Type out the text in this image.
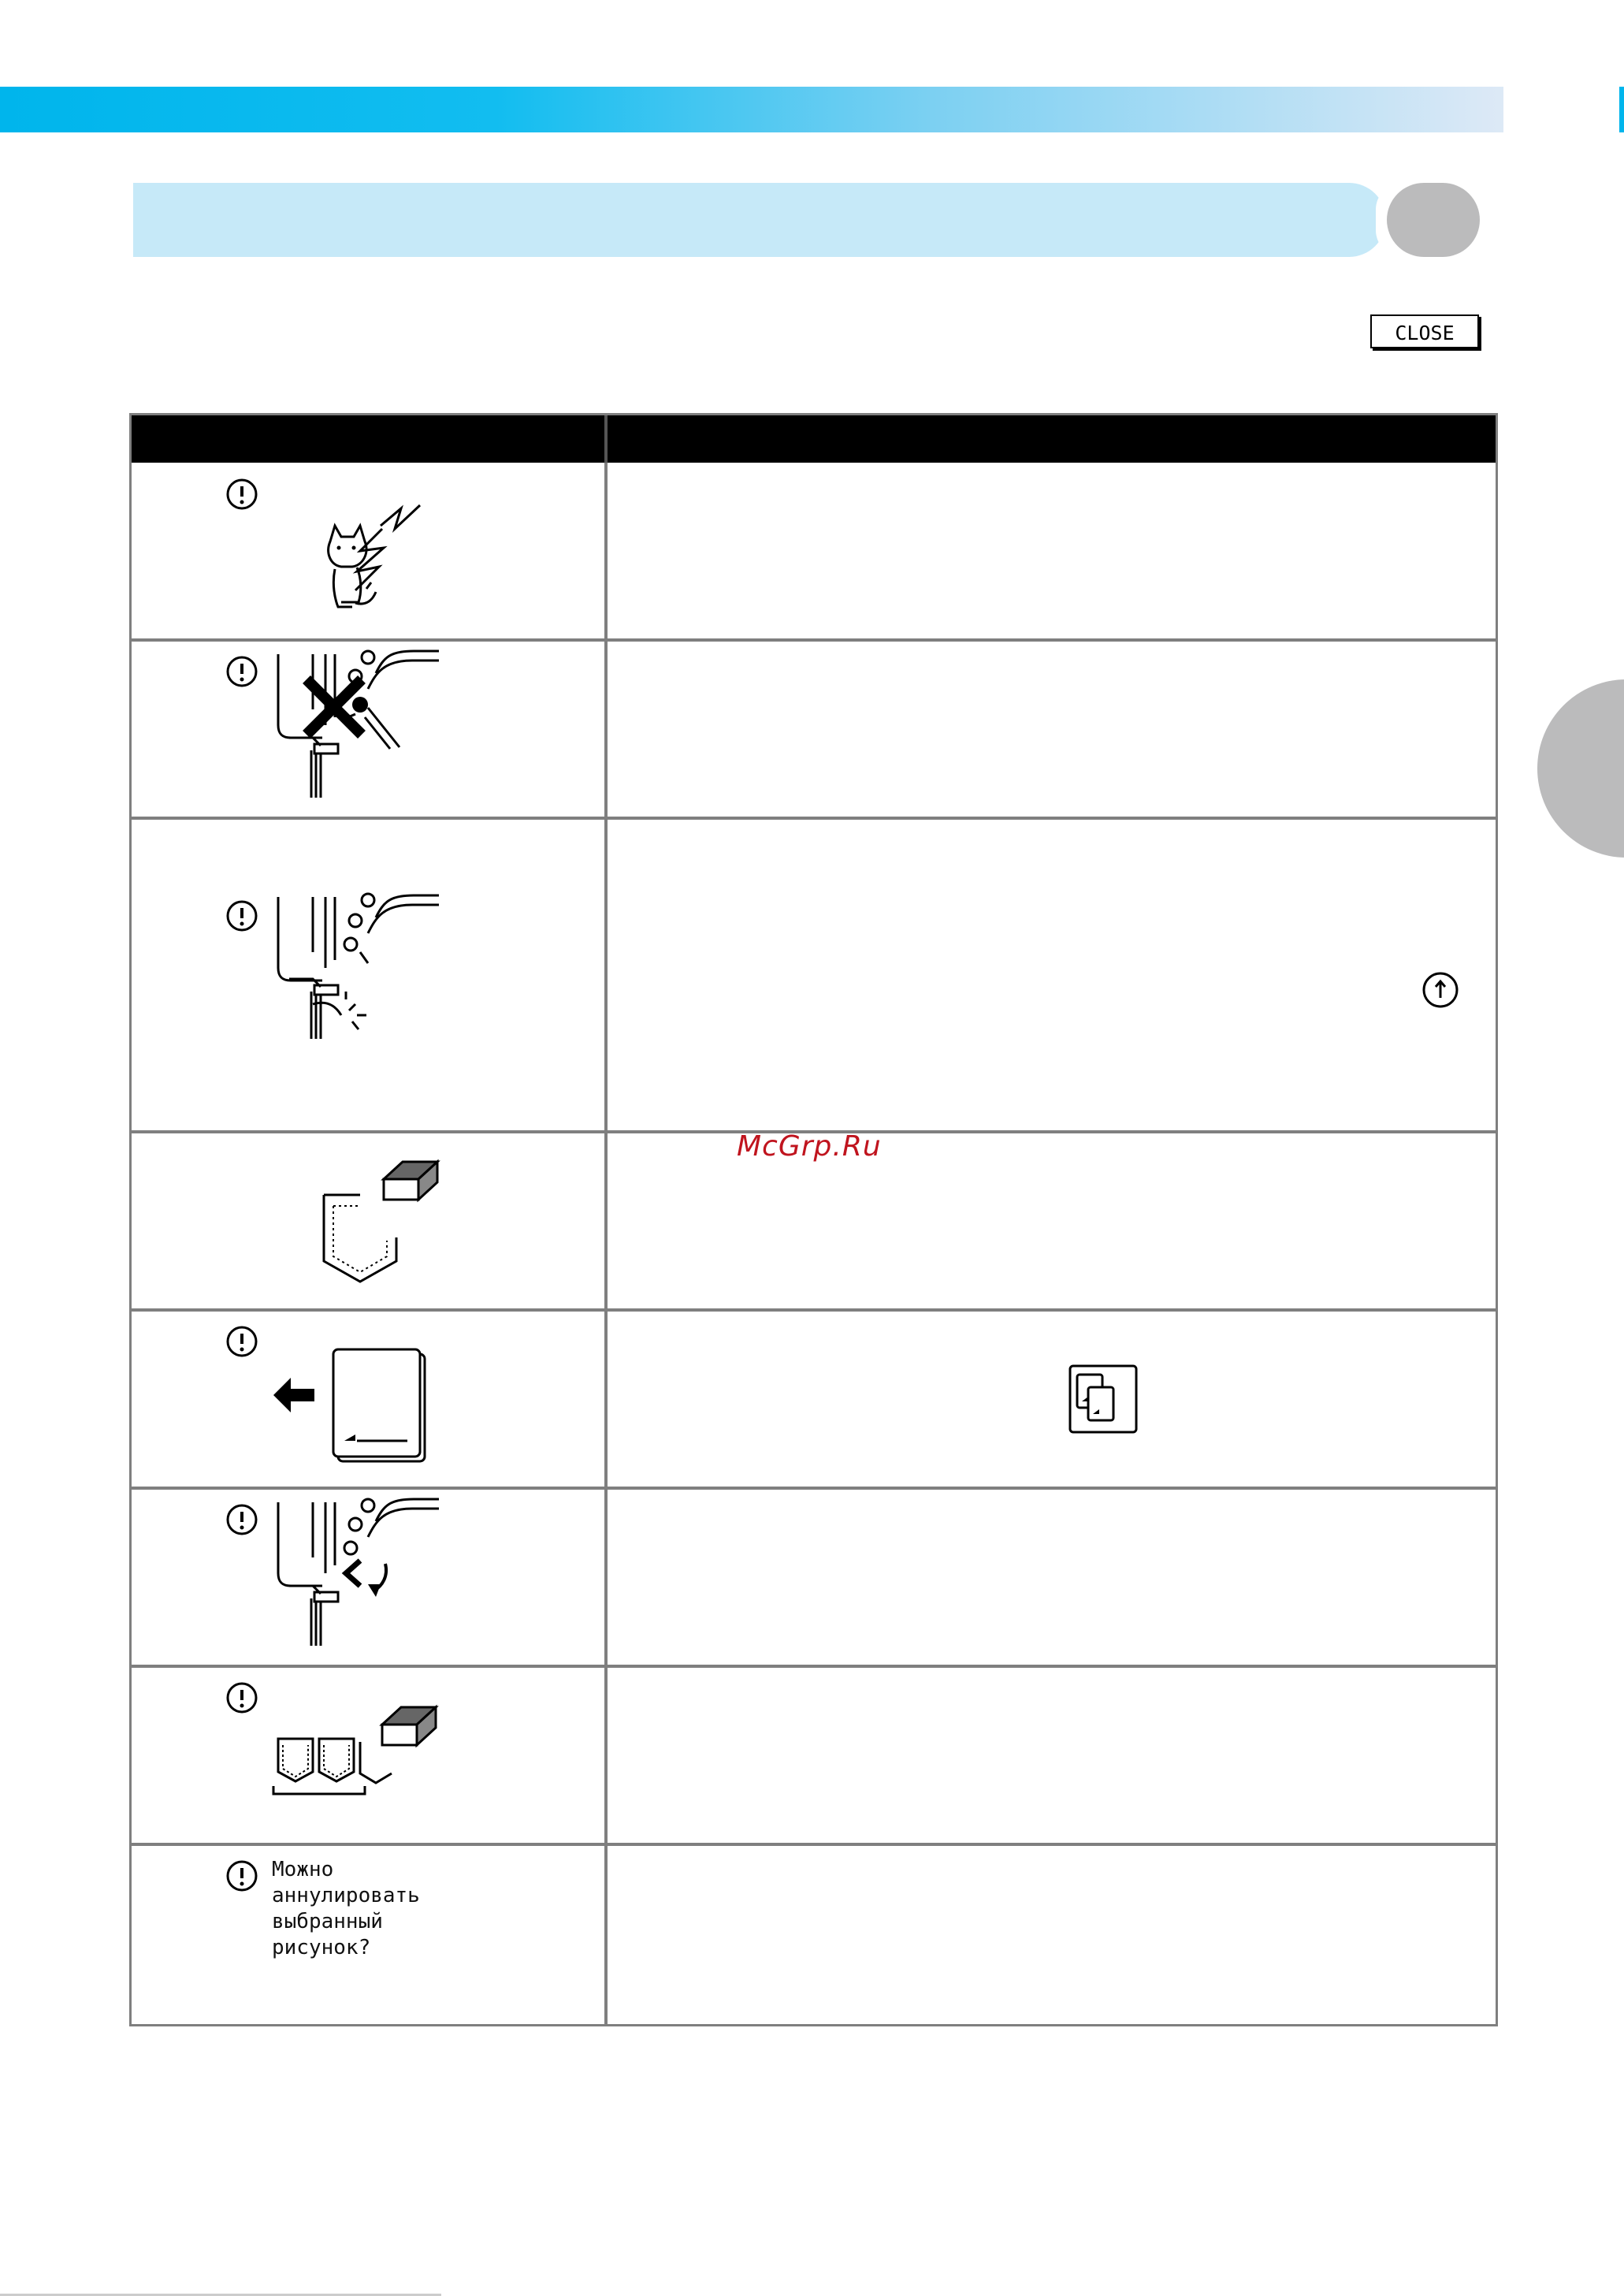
CLOSE
Можно
аннулировать
выбранный
рисунок?
McGrp.Ru
